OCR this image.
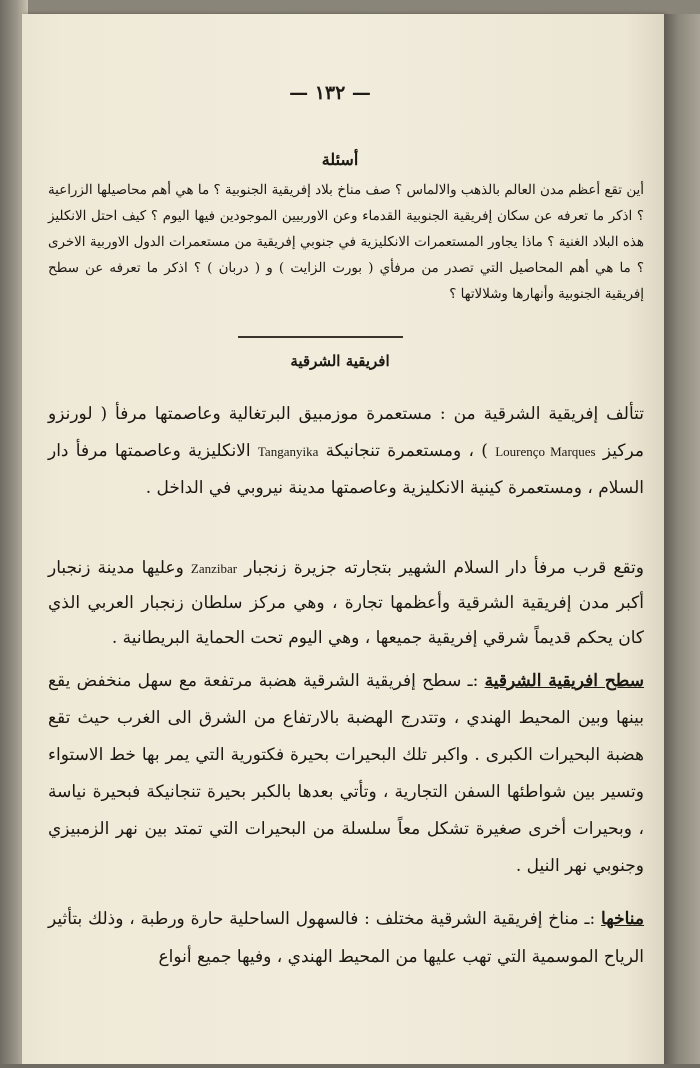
— ١٣٢ —
أسئلة
أين تقع أعظم مدن العالم بالذهب والالماس ؟ صف مناخ بلاد إفريقية الجنوبية ؟ ما هي أهم محاصيلها الزراعية ؟ اذكر ما تعرفه عن سكان إفريقية الجنوبية القدماء وعن الاوربيين الموجودين فيها اليوم ؟ كيف احتل الانكليز هذه البلاد الغنية ؟ ماذا يجاور المستعمرات الانكليزية في جنوبي إفريقية من مستعمرات الدول الاوربية الاخرى ؟ ما هي أهم المحاصيل التي تصدر من مرفأي ( بورت الزايت ) و ( دربان ) ؟ اذكر ما تعرفه عن سطح إفريقية الجنوبية وأنهارها وشلالاتها ؟
افريقية الشرقية
تتألف إفريقية الشرقية من : مستعمرة موزمبيق البرتغالية وعاصمتها مرفأ ( لورنزو مركيز Lourenço Marques ) ، ومستعمرة تنجانيكة Tanganyika الانكليزية وعاصمتها مرفأ دار السلام ، ومستعمرة كينية الانكليزية وعاصمتها مدينة نيروبي في الداخل .
وتقع قرب مرفأ دار السلام الشهير بتجارته جزيرة زنجبار Zanzibar وعليها مدينة زنجبار أكبر مدن إفريقية الشرقية وأعظمها تجارة ، وهي مركز سلطان زنجبار العربي الذي كان يحكم قديماً شرقي إفريقية جميعها ، وهي اليوم تحت الحماية البريطانية .
سطح افريقية الشرقية :ـ سطح إفريقية الشرقية هضبة مرتفعة مع سهل منخفض يقع بينها وبين المحيط الهندي ، وتتدرج الهضبة بالارتفاع من الشرق الى الغرب حيث تقع هضبة البحيرات الكبرى . واكبر تلك البحيرات بحيرة فكتورية التي يمر بها خط الاستواء وتسير بين شواطئها السفن التجارية ، وتأتي بعدها بالكبر بحيرة تنجانيكة فبحيرة نياسة ، وبحيرات أخرى صغيرة تشكل معاً سلسلة من البحيرات التي تمتد بين نهر الزمبيزي وجنوبي نهر النيل .
مناخها :ـ مناخ إفريقية الشرقية مختلف : فالسهول الساحلية حارة ورطبة ، وذلك بتأثير الرياح الموسمية التي تهب عليها من المحيط الهندي ، وفيها جميع أنواع
